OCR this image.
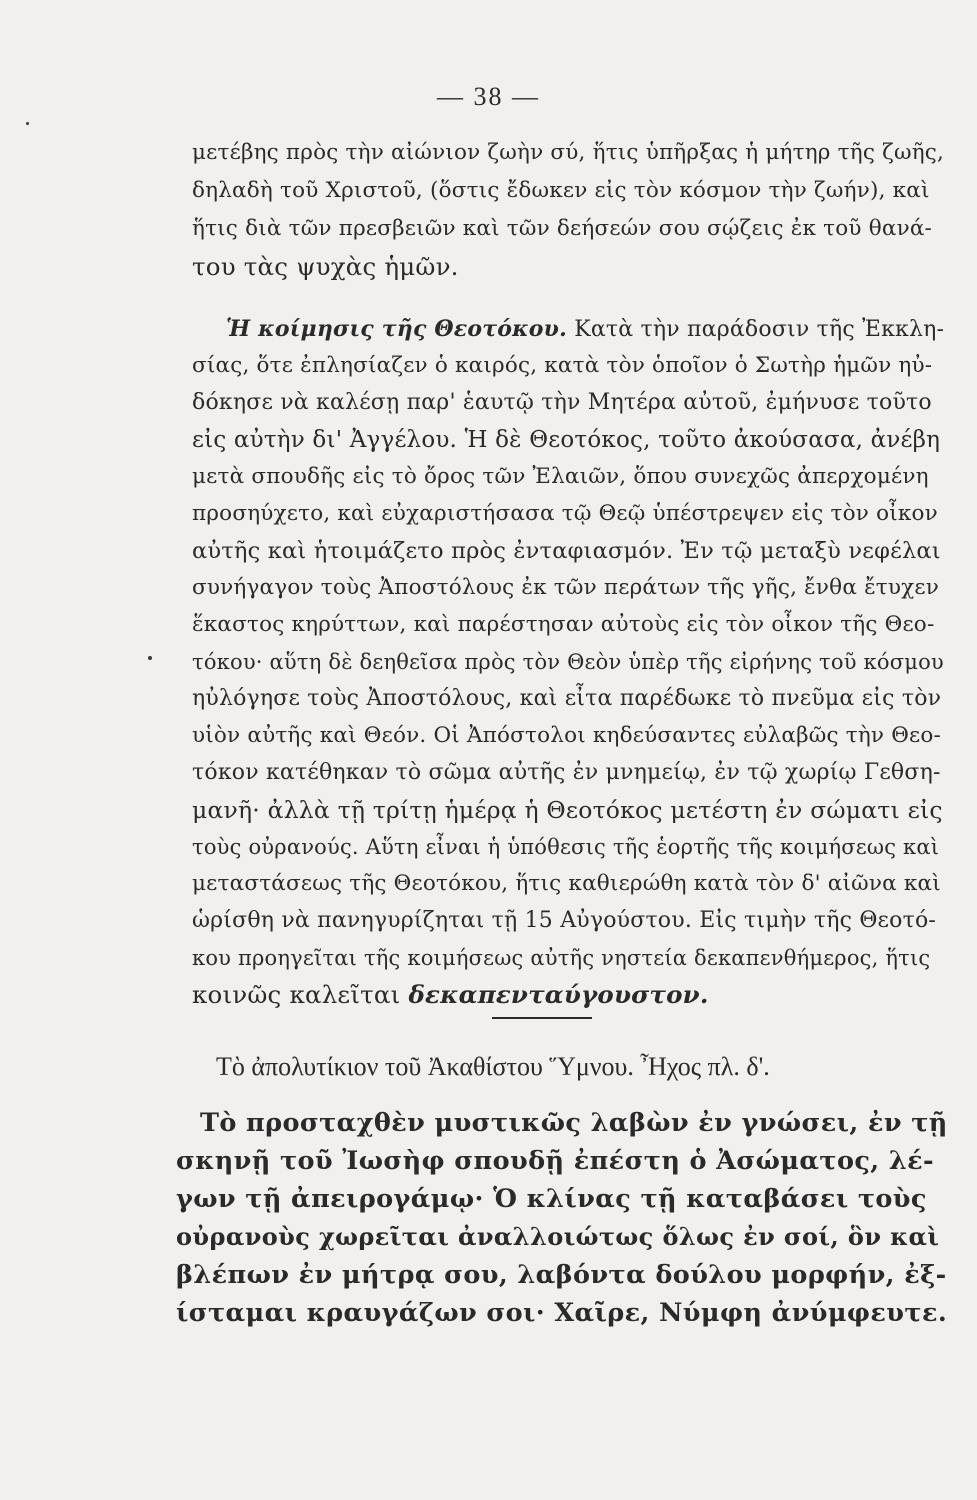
— 38 —
μετέβης πρὸς τὴν αἰώνιον ζωὴν σύ, ἥτις ὑπῆρξας ἡ μήτηρ τῆς ζωῆς,
δηλαδὴ τοῦ Χριστοῦ, (ὅστις ἔδωκεν εἰς τὸν κόσμον τὴν ζωήν), καὶ
ἥτις διὰ τῶν πρεσβειῶν καὶ τῶν δεήσεών σου σῴζεις ἐκ τοῦ θανά-
του τὰς ψυχὰς ἡμῶν.
Ἡ κοίμησις τῆς Θεοτόκου. Κατὰ τὴν παράδοσιν τῆς Ἐκκλη-
σίας, ὅτε ἐπλησίαζεν ὁ καιρός, κατὰ τὸν ὁποῖον ὁ Σωτὴρ ἡμῶν ηὐ-
δόκησε νὰ καλέσῃ παρ' ἑαυτῷ τὴν Μητέρα αὐτοῦ, ἐμήνυσε τοῦτο
εἰς αὐτὴν δι' Ἀγγέλου. Ἡ δὲ Θεοτόκος, τοῦτο ἀκούσασα, ἀνέβη
μετὰ σπουδῆς εἰς τὸ ὄρος τῶν Ἐλαιῶν, ὅπου συνεχῶς ἀπερχομένη
προσηύχετο, καὶ εὐχαριστήσασα τῷ Θεῷ ὑπέστρεψεν εἰς τὸν οἶκον
αὐτῆς καὶ ἡτοιμάζετο πρὸς ἐνταφιασμόν. Ἐν τῷ μεταξὺ νεφέλαι
συνήγαγον τοὺς Ἀποστόλους ἐκ τῶν περάτων τῆς γῆς, ἔνθα ἔτυχεν
ἕκαστος κηρύττων, καὶ παρέστησαν αὐτοὺς εἰς τὸν οἶκον τῆς Θεο-
τόκου· αὕτη δὲ δεηθεῖσα πρὸς τὸν Θεὸν ὑπὲρ τῆς εἰρήνης τοῦ κόσμου
ηὐλόγησε τοὺς Ἀποστόλους, καὶ εἶτα παρέδωκε τὸ πνεῦμα εἰς τὸν
υἱὸν αὐτῆς καὶ Θεόν. Οἱ Ἀπόστολοι κηδεύσαντες εὐλαβῶς τὴν Θεο-
τόκον κατέθηκαν τὸ σῶμα αὐτῆς ἐν μνημείῳ, ἐν τῷ χωρίῳ Γεθση-
μανῆ· ἀλλὰ τῇ τρίτῃ ἡμέρᾳ ἡ Θεοτόκος μετέστη ἐν σώματι εἰς
τοὺς οὐρανούς. Αὕτη εἶναι ἡ ὑπόθεσις τῆς ἑορτῆς τῆς κοιμήσεως καὶ
μεταστάσεως τῆς Θεοτόκου, ἥτις καθιερώθη κατὰ τὸν δ' αἰῶνα καὶ
ὡρίσθη νὰ πανηγυρίζηται τῇ 15 Αὐγούστου. Εἰς τιμὴν τῆς Θεοτό-
κου προηγεῖται τῆς κοιμήσεως αὐτῆς νηστεία δεκαπενθήμερος, ἥτις
κοινῶς καλεῖται δεκαπενταύγουστον.
Τὸ ἀπολυτίκιον τοῦ Ἀκαθίστου Ὕμνου. Ἦχος πλ. δ'.
Τὸ προσταχθὲν μυστικῶς λαβὼν ἐν γνώσει, ἐν τῇ
σκηνῇ τοῦ Ἰωσὴφ σπουδῇ ἐπέστη ὁ Ἀσώματος, λέ-
γων τῇ ἀπειρογάμῳ· Ὁ κλίνας τῇ καταβάσει τοὺς
οὐρανοὺς χωρεῖται ἀναλλοιώτως ὅλως ἐν σοί, ὃν καὶ
βλέπων ἐν μήτρᾳ σου, λαβόντα δούλου μορφήν, ἐξ-
ίσταμαι κραυγάζων σοι· Χαῖρε, Νύμφη ἀνύμφευτε.
